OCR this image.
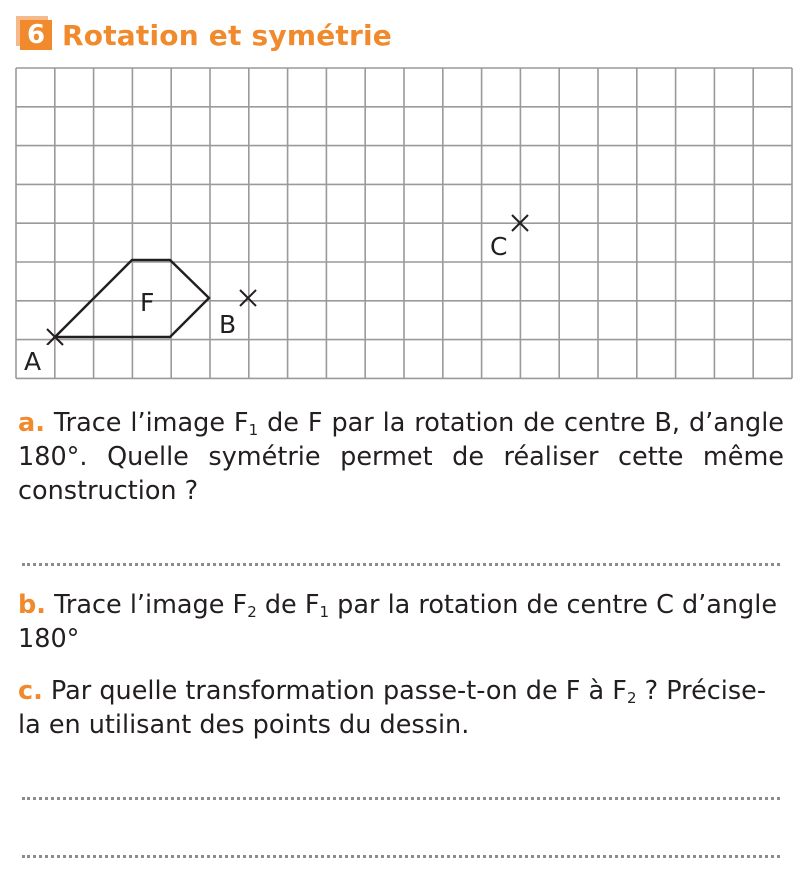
6 Rotation et symétrie
A
B
C
F
a. Trace l’image $F_1$ de F par la rotation de centre B, d’angle 180°. Quelle symétrie permet de réaliser cette même construction ?
b. Trace l’image $F_2$ de $F_1$ par la rotation de centre C d’angle 180°
c. Par quelle transformation passe-t-on de F à $F_2$ ? Précise-la en utilisant des points du dessin.
